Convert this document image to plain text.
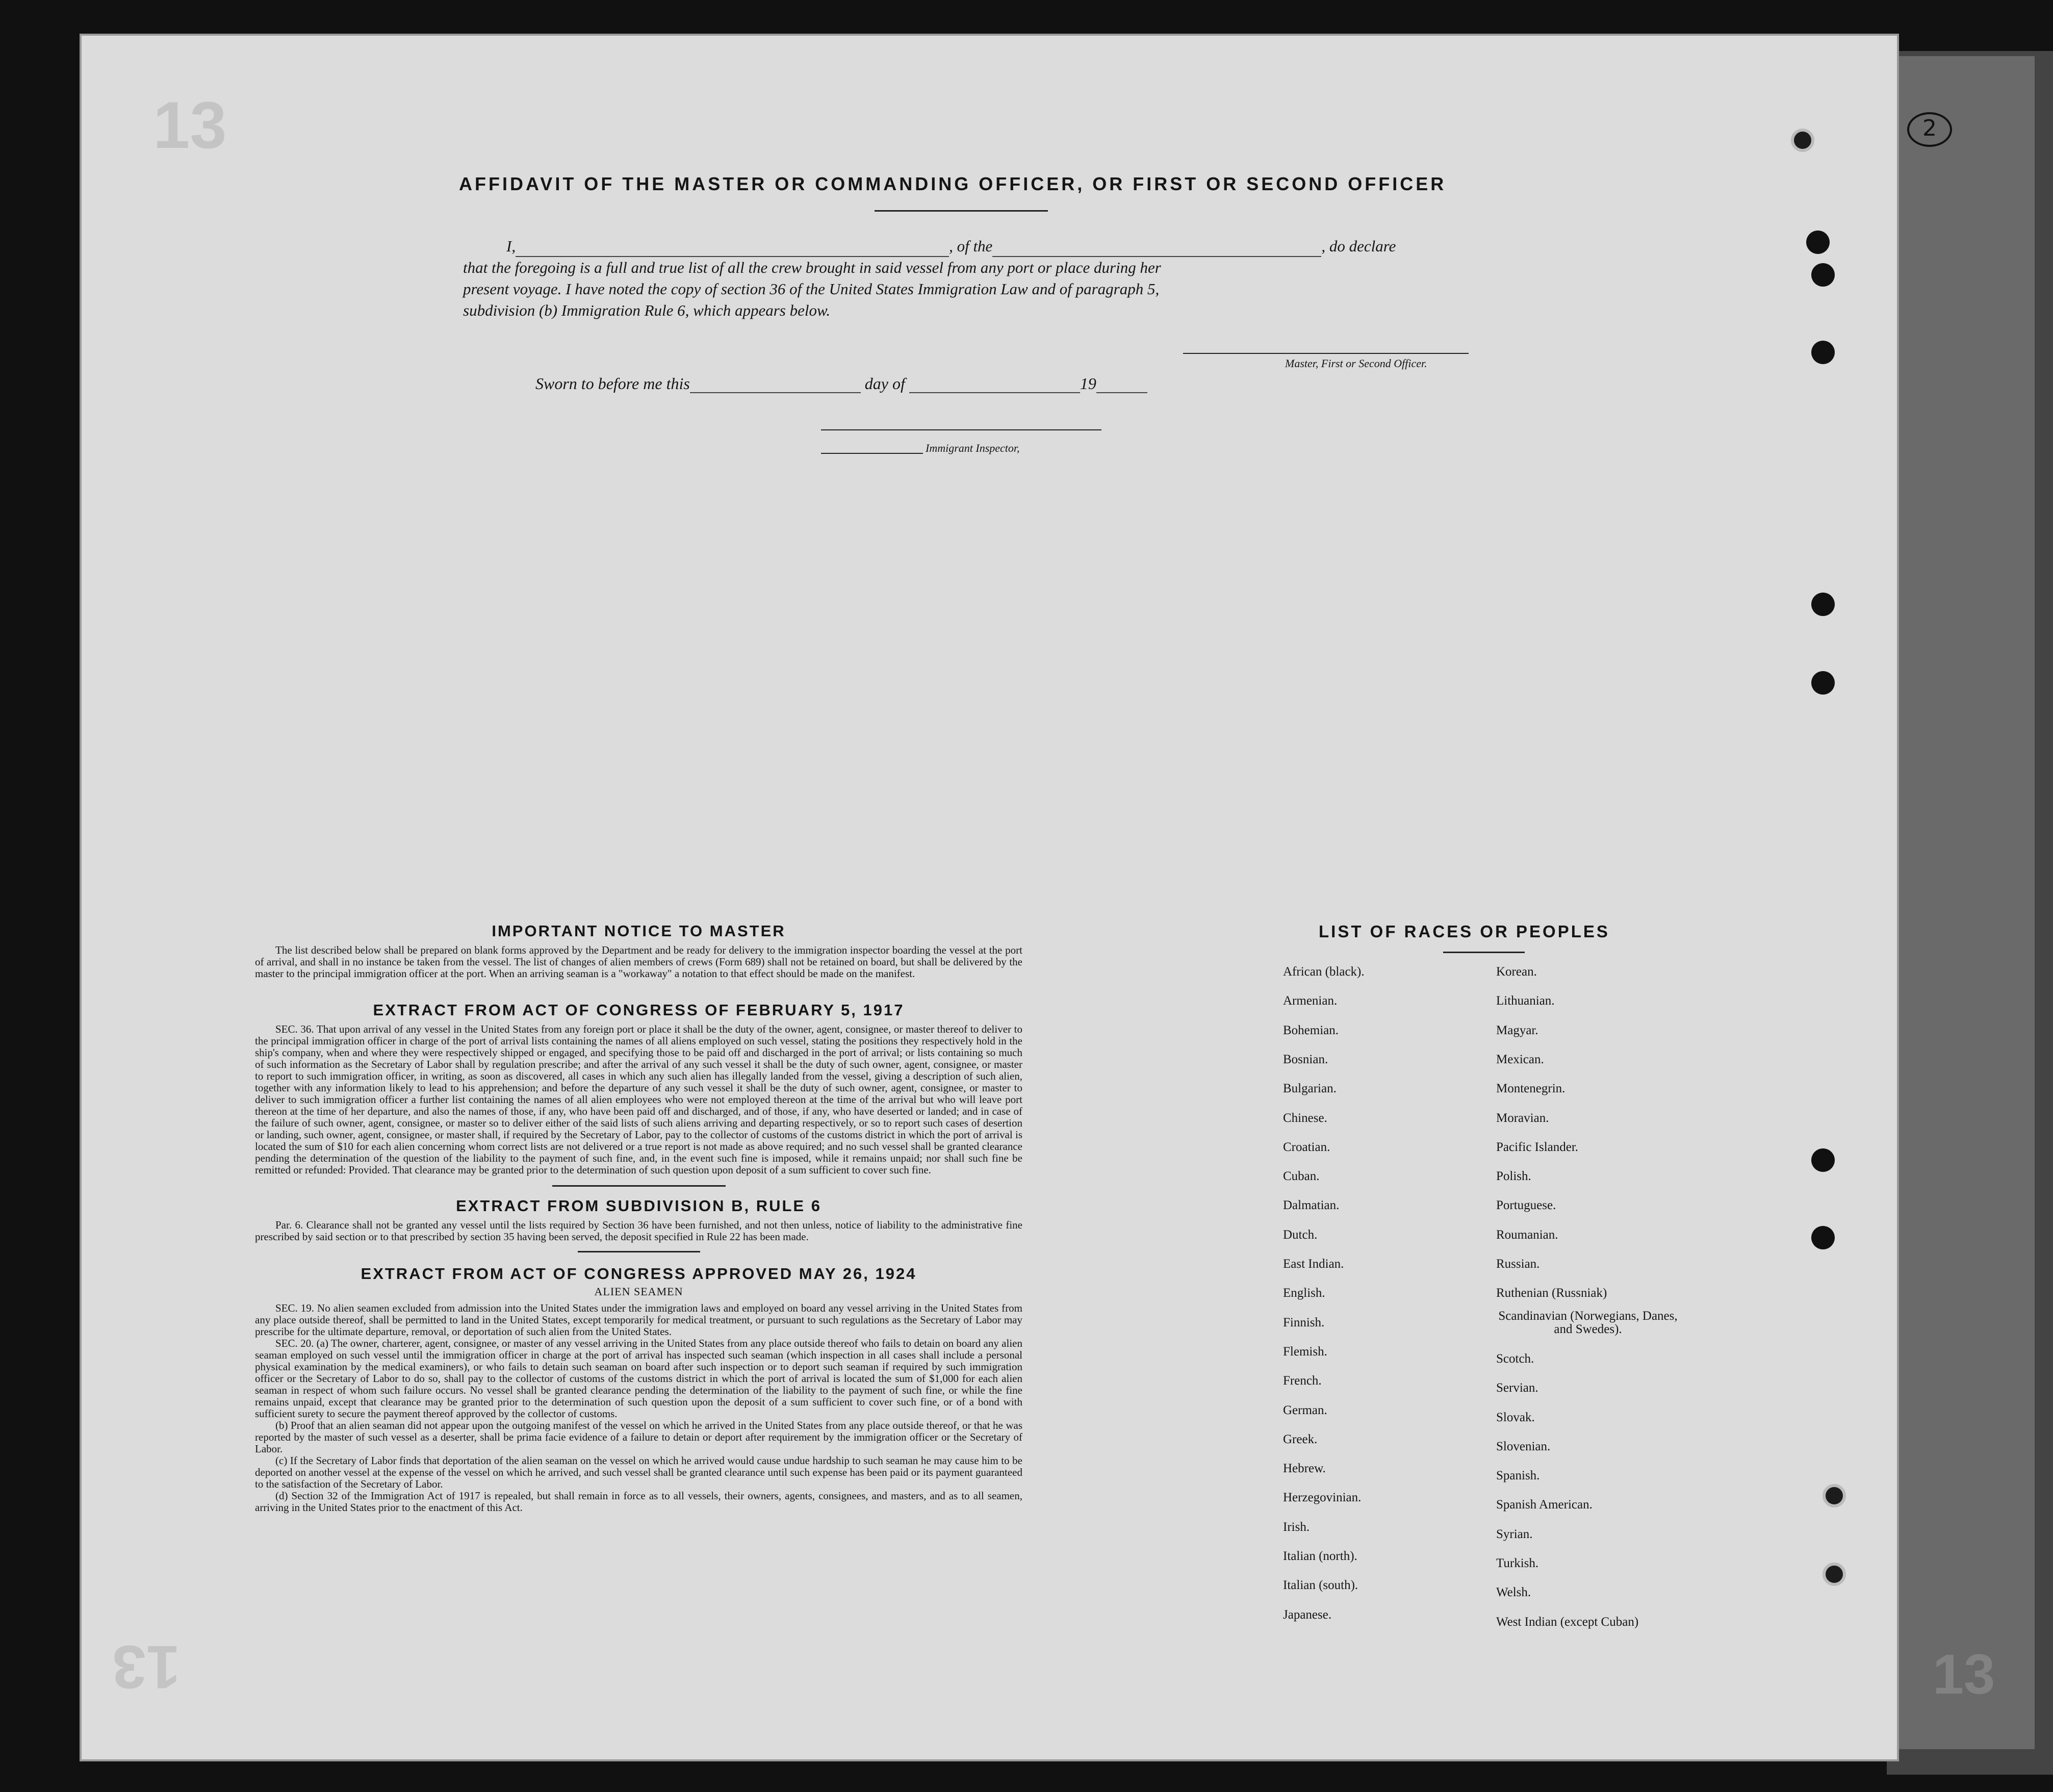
13
13	13
2
AFFIDAVIT OF THE MASTER OR COMMANDING OFFICER, OR FIRST OR SECOND OFFICER
I,	, of the	, do declare
that the foregoing is a full and true list of all the crew brought in said vessel from any port or place during her
present voyage. I have noted the copy of section 36 of the United States Immigration Law and of paragraph 5,
subdivision (b) Immigration Rule 6, which appears below.
Master, First or Second Officer.
Sworn to before me this	day of	19
Immigrant Inspector,
IMPORTANT NOTICE TO MASTER
The list described below shall be prepared on blank forms approved by the Department and be ready for delivery to the immigration inspector boarding the vessel at the port of arrival, and shall in no instance be taken from the vessel. The list of changes of alien members of crews (Form 689) shall not be retained on board, but shall be delivered by the master to the principal immigration officer at the port. When an arriving seaman is a "workaway" a notation to that effect should be made on the manifest.
EXTRACT FROM ACT OF CONGRESS OF FEBRUARY 5, 1917
SEC. 36. That upon arrival of any vessel in the United States from any foreign port or place it shall be the duty of the owner, agent, consignee, or master thereof to deliver to the principal immigration officer in charge of the port of arrival lists containing the names of all aliens employed on such vessel, stating the positions they respectively hold in the ship's company, when and where they were respectively shipped or engaged, and specifying those to be paid off and discharged in the port of arrival; or lists containing so much of such information as the Secretary of Labor shall by regulation prescribe; and after the arrival of any such vessel it shall be the duty of such owner, agent, consignee, or master to report to such immigration officer, in writing, as soon as discovered, all cases in which any such alien has illegally landed from the vessel, giving a description of such alien, together with any information likely to lead to his apprehension; and before the departure of any such vessel it shall be the duty of such owner, agent, consignee, or master to deliver to such immigration officer a further list containing the names of all alien employees who were not employed thereon at the time of the arrival but who will leave port thereon at the time of her departure, and also the names of those, if any, who have been paid off and discharged, and of those, if any, who have deserted or landed; and in case of the failure of such owner, agent, consignee, or master so to deliver either of the said lists of such aliens arriving and departing respectively, or so to report such cases of desertion or landing, such owner, agent, consignee, or master shall, if required by the Secretary of Labor, pay to the collector of customs of the customs district in which the port of arrival is located the sum of $10 for each alien concerning whom correct lists are not delivered or a true report is not made as above required; and no such vessel shall be granted clearance pending the determination of the question of the liability to the payment of such fine, and, in the event such fine is imposed, while it remains unpaid; nor shall such fine be remitted or refunded: Provided. That clearance may be granted prior to the determination of such question upon deposit of a sum sufficient to cover such fine.
EXTRACT FROM SUBDIVISION B, RULE 6
Par. 6. Clearance shall not be granted any vessel until the lists required by Section 36 have been furnished, and not then unless, notice of liability to the administrative fine prescribed by said section or to that prescribed by section 35 having been served, the deposit specified in Rule 22 has been made.
EXTRACT FROM ACT OF CONGRESS APPROVED MAY 26, 1924
ALIEN SEAMEN
SEC. 19. No alien seamen excluded from admission into the United States under the immigration laws and employed on board any vessel arriving in the United States from any place outside thereof, shall be permitted to land in the United States, except temporarily for medical treatment, or pursuant to such regulations as the Secretary of Labor may prescribe for the ultimate departure, removal, or deportation of such alien from the United States.
SEC. 20. (a) The owner, charterer, agent, consignee, or master of any vessel arriving in the United States from any place outside thereof who fails to detain on board any alien seaman employed on such vessel until the immigration officer in charge at the port of arrival has inspected such seaman (which inspection in all cases shall include a personal physical examination by the medical examiners), or who fails to detain such seaman on board after such inspection or to deport such seaman if required by such immigration officer or the Secretary of Labor to do so, shall pay to the collector of customs of the customs district in which the port of arrival is located the sum of $1,000 for each alien seaman in respect of whom such failure occurs. No vessel shall be granted clearance pending the determination of the liability to the payment of such fine, or while the fine remains unpaid, except that clearance may be granted prior to the determination of such question upon the deposit of a sum sufficient to cover such fine, or of a bond with sufficient surety to secure the payment thereof approved by the collector of customs.
(b) Proof that an alien seaman did not appear upon the outgoing manifest of the vessel on which he arrived in the United States from any place outside thereof, or that he was reported by the master of such vessel as a deserter, shall be prima facie evidence of a failure to detain or deport after requirement by the immigration officer or the Secretary of Labor.
(c) If the Secretary of Labor finds that deportation of the alien seaman on the vessel on which he arrived would cause undue hardship to such seaman he may cause him to be deported on another vessel at the expense of the vessel on which he arrived, and such vessel shall be granted clearance until such expense has been paid or its payment guaranteed to the satisfaction of the Secretary of Labor.
(d) Section 32 of the Immigration Act of 1917 is repealed, but shall remain in force as to all vessels, their owners, agents, consignees, and masters, and as to all seamen, arriving in the United States prior to the enactment of this Act.
LIST OF RACES OR PEOPLES
African (black).
Armenian.
Bohemian.
Bosnian.
Bulgarian.
Chinese.
Croatian.
Cuban.
Dalmatian.
Dutch.
East Indian.
English.
Finnish.
Flemish.
French.
German.
Greek.
Hebrew.
Herzegovinian.
Irish.
Italian (north).
Italian (south).
Japanese.
Korean.
Lithuanian.
Magyar.
Mexican.
Montenegrin.
Moravian.
Pacific Islander.
Polish.
Portuguese.
Roumanian.
Russian.
Ruthenian (Russniak)
Scandinavian (Norwegians, Danes, and Swedes).
Scotch.
Servian.
Slovak.
Slovenian.
Spanish.
Spanish American.
Syrian.
Turkish.
Welsh.
West Indian (except Cuban)
